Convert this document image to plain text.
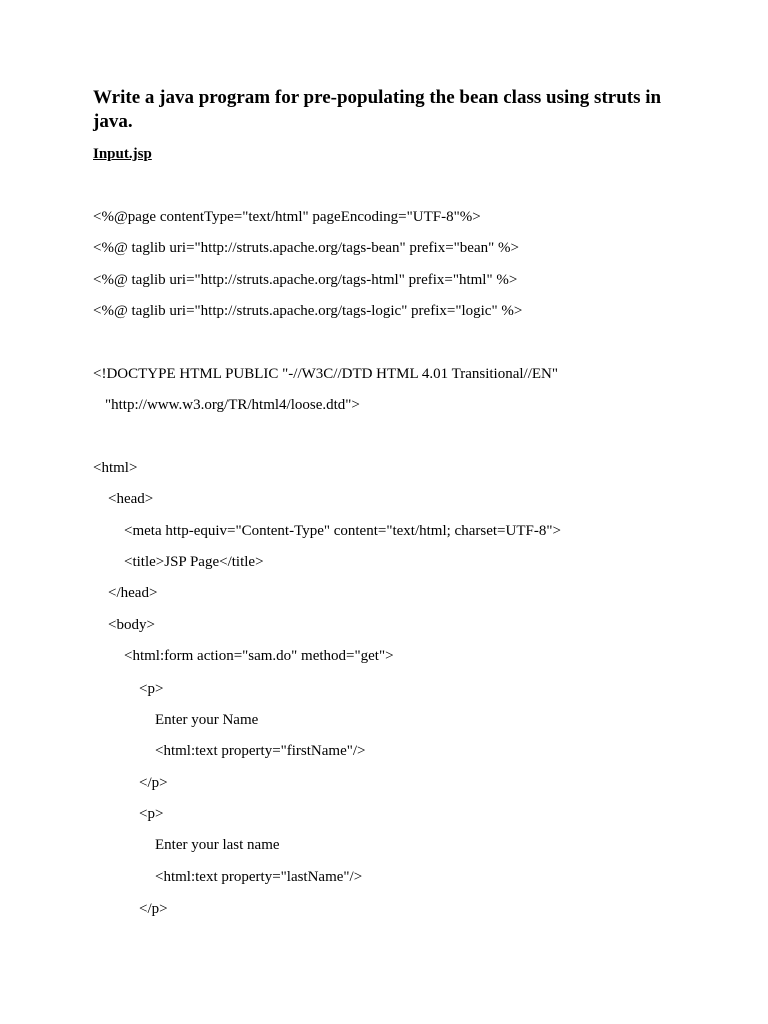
Write a java program for pre-populating the bean class using struts in java.

Input.jsp

<%@page contentType="text/html" pageEncoding="UTF-8"%>

<%@ taglib uri="http://struts.apache.org/tags-bean" prefix="bean" %>

<%@ taglib uri="http://struts.apache.org/tags-html" prefix="html" %>

<%@ taglib uri="http://struts.apache.org/tags-logic" prefix="logic" %>

<!DOCTYPE HTML PUBLIC "-//W3C//DTD HTML 4.01 Transitional//EN"

"http://www.w3.org/TR/html4/loose.dtd">

<html>

<head>

<meta http-equiv="Content-Type" content="text/html; charset=UTF-8">

<title>JSP Page</title>

</head>

<body>

<html:form action="sam.do" method="get">

<p>

Enter your Name

<html:text property="firstName"/>

</p>

<p>

Enter your last name

<html:text property="lastName"/>

</p>
